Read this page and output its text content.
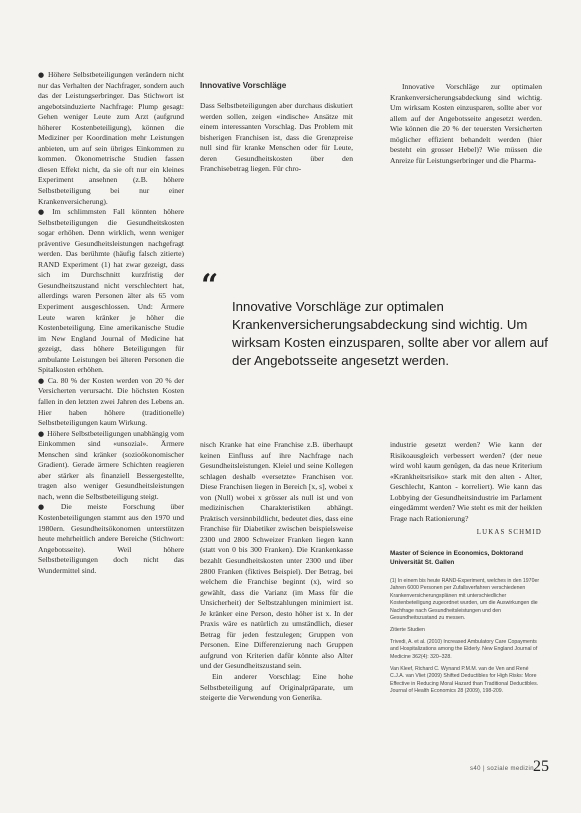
● Höhere Selbstbeteiligungen verändern nicht nur das Verhalten der Nachfrager, sondern auch das der Leistungserbringer. Das Stichwort ist angebotsinduzierte Nachfrage: Plump gesagt: Gehen weniger Leute zum Arzt (aufgrund höherer Kostenbeteiligung), können die Mediziner per Koordination mehr Leistungen anbieten, um auf sein übriges Einkommen zu kommen. Ökonometrische Studien fassen diesen Effekt nicht, da sie oft nur ein kleines Experiment ansehnen (z.B. höhere Selbstbeteiligung bei nur einer Krankenversicherung).

● Im schlimmsten Fall könnten höhere Selbstbeteiligungen die Gesundheitskosten sogar erhöhen. Denn wirklich, wenn weniger präventive Gesundheitsleistungen nachgefragt werden. Das berühmte (häufig falsch zitierte) RAND Experiment (1) hat zwar gezeigt, dass sich im Durchschnitt kurzfristig der Gesundheitszustand nicht verschlechtert hat, allerdings waren Personen älter als 65 vom Experiment ausgeschlossen. Und: Ärmere Leute waren kränker je höher die Kostenbeteiligung. Eine amerikanische Studie im New England Journal of Medicine hat gezeigt, dass höhere Beteiligungen für ambulante Leistungen bei älteren Personen die Spitalkosten erhöhen.

● Ca. 80 % der Kosten werden von 20 % der Versicherten verursacht. Die höchsten Kosten fallen in den letzten zwei Jahren des Lebens an. Hier haben höhere (traditionelle) Selbstbeteiligungen kaum Wirkung.

● Höhere Selbstbeteiligungen unabhängig vom Einkommen sind «unsozial». Ärmere Menschen sind kränker (sozioökonomischer Gradient). Gerade ärmere Schichten reagieren aber stärker als finanziell Bessergestellte, tragen also weniger Gesundheitsleistungen nach, wenn die Selbstbeteiligung steigt.

● Die meiste Forschung über Kostenbeteiligungen stammt aus den 1970 und 1980ern. Gesundheitsökonomen unterstützen heute mehrheitlich andere Bereiche (Stichwort: Angebotsseite). Weil höhere Selbstbeteiligungen doch nicht das Wundermittel sind.

Innovative Vorschläge

Dass Selbstbeteiligungen aber durchaus diskutiert werden sollen, zeigen «indische» Ansätze mit einem interessanten Vorschlag. Das Problem mit bisherigen Franchisen ist, dass die Grenzpreise null sind für kranke Menschen oder für Leute, deren Gesundheitskosten über den Franchisebetrag liegen. Für chro-

Innovative Vorschläge zur optimalen Krankenversicherungsabdeckung sind wichtig. Um wirksam Kosten einzusparen, sollte aber vor allem auf der Angebotsseite angesetzt werden. Wie können die 20 % der teuersten Versicherten möglicher effizient behandelt werden (hier besteht ein grosser Hebel)? Wie müssen die Anreize für Leistungserbringer und die Pharma-

“
Innovative Vorschläge zur optimalen Krankenversicherungsabdeckung sind wichtig. Um wirksam Kosten einzusparen, sollte aber vor allem auf der Angebotsseite angesetzt werden.

nisch Kranke hat eine Franchise z.B. überhaupt keinen Einfluss auf ihre Nachfrage nach Gesundheitsleistungen. Kleiel und seine Kollegen schlagen deshalb «versetzte» Franchisen vor. Diese Franchisen liegen in Bereich [x, s], wobei x von (Null) wobei x grösser als null ist und von medizinischen Charakteristiken abhängt. Praktisch versinnbildlicht, bedeutet dies, dass eine Franchise für Diabetiker zwischen beispielsweise 2300 und 2800 Schweizer Franken liegen kann (statt von 0 bis 300 Franken). Die Krankenkasse bezahlt Gesundheitskosten unter 2300 und über 2800 Franken (fiktives Beispiel). Der Betrag, bei welchem die Franchise beginnt (x), wird so gewählt, dass die Varianz (im Mass für die Unsicherheit) der Selbstzahlungen minimiert ist. Je kränker eine Person, desto höher ist x. In der Praxis wäre es natürlich zu umständlich, dieser Betrag für jeden festzulegen; Gruppen von Personen. Eine Differenzierung nach Gruppen aufgrund von Kriterien dafür könnte also Alter und der Gesundheitszustand sein.

Ein anderer Vorschlag: Eine hohe Selbstbeteiligung auf Originalpräparate, um steigerte die Verwendung von Generika.

industrie gesetzt werden? Wie kann der Risikoausgleich verbessert werden? (der neue wird wohl kaum genügen, da das neue Kriterium «Krankheitsrisiko» stark mit den alten - Alter, Geschlecht, Kanton - korreliert). Wie kann das Lobbying der Gesundheitsindustrie im Parlament eingedämmt werden? Wie steht es mit der heiklen Frage nach Rationierung?

LUKAS SCHMID
Master of Science in Economics, Doktorand Universität St. Gallen

(1) In einem bis heute RAND-Experiment, welches in den 1970er Jahren 6000 Personen per Zufallsverfahren verschiedenen Krankenversicherungsplänen mit unterschiedlicher Kostenbeteiligung zugeordnet wurden, um die Auswirkungen die Nachfrage nach Gesundheitsleistungen und den Gesundheitszustand zu messen.

Zitierte Studien

Trivedi, A. et al. (2010) Increased Ambulatory Care Copayments and Hospitalizations among the Elderly. New England Journal of Medicine 362(4): 320–328.

Van Kleef, Richard C. Wynand P.M.M. van de Ven and René C.J.A. van Vliet (2009) Shifted Deductibles for High Risks: More Effective in Reducing Moral Hazard than Traditional Deductibles. Journal of Health Economics 28 (2009), 198-209.

s40 | soziale medizin 25
